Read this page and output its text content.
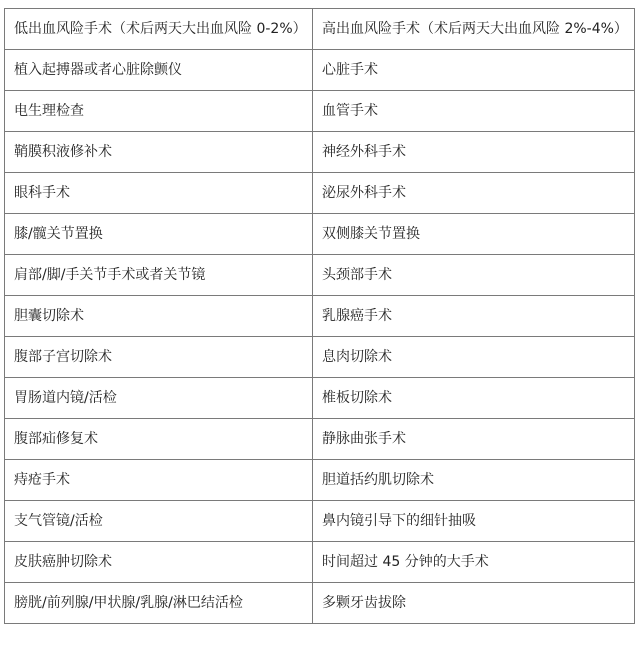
低出血风险手术（术后两天大出血风险 0-2%）	高出血风险手术（术后两天大出血风险 2%-4%）
植入起搏器或者心脏除颤仪	心脏手术
电生理检查	血管手术
鞘膜积液修补术	神经外科手术
眼科手术	泌尿外科手术
膝/髋关节置换	双侧膝关节置换
肩部/脚/手关节手术或者关节镜	头颈部手术
胆囊切除术	乳腺癌手术
腹部子宫切除术	息肉切除术
胃肠道内镜/活检	椎板切除术
腹部疝修复术	静脉曲张手术
痔疮手术	胆道括约肌切除术
支气管镜/活检	鼻内镜引导下的细针抽吸
皮肤癌肿切除术	时间超过 45 分钟的大手术
膀胱/前列腺/甲状腺/乳腺/淋巴结活检	多颗牙齿拔除
